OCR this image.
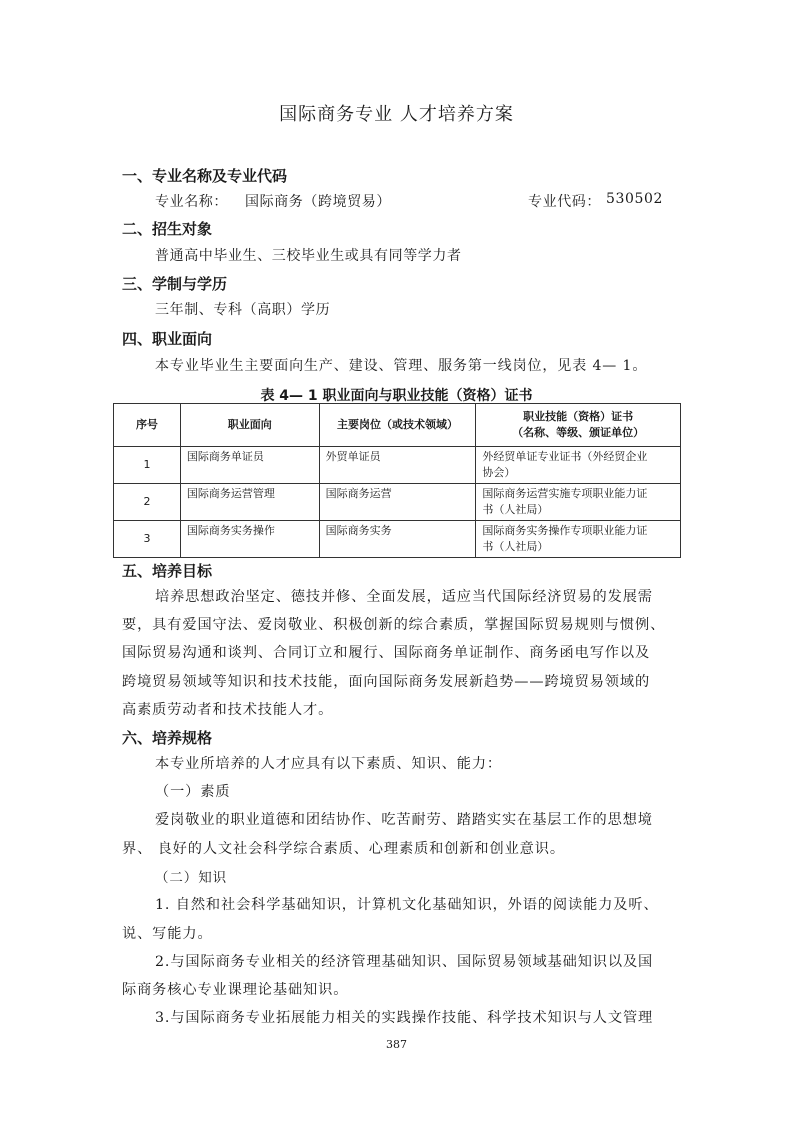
国际商务专业 人才培养方案
一、专业名称及专业代码
专业名称： 国际商务（跨境贸易）	专业代码： 530502
二、招生对象
普通高中毕业生、三校毕业生或具有同等学力者
三、学制与学历
三年制、专科（高职）学历
四、职业面向
本专业毕业生主要面向生产、建设、管理、服务第一线岗位，见表 4— 1。
表 4— 1 职业面向与职业技能（资格）证书
序号	职业面向	主要岗位（或技术领域）	职业技能（资格）证书
（名称、等级、颁证单位）

1	国际商务单证员	外贸单证员	外经贸单证专业证书（外经贸企业
协会）

2	国际商务运营管理	国际商务运营	国际商务运营实施专项职业能力证
书（人社局）

3	国际商务实务操作	国际商务实务	国际商务实务操作专项职业能力证
书（人社局）
五、培养目标
培养思想政治坚定、德技并修、全面发展，适应当代国际经济贸易的发展需
要，具有爱国守法、爱岗敬业、积极创新的综合素质，掌握国际贸易规则与惯例、
国际贸易沟通和谈判、合同订立和履行、国际商务单证制作、商务函电写作以及
跨境贸易领域等知识和技术技能，面向国际商务发展新趋势——跨境贸易领域的
高素质劳动者和技术技能人才。
六、培养规格
本专业所培养的人才应具有以下素质、知识、能力：
（一）素质
爱岗敬业的职业道德和团结协作、吃苦耐劳、踏踏实实在基层工作的思想境
界、 良好的人文社会科学综合素质、心理素质和创新和创业意识。
（二）知识
1. 自然和社会科学基础知识，计算机文化基础知识，外语的阅读能力及听、
说、写能力。
2.与国际商务专业相关的经济管理基础知识、国际贸易领域基础知识以及国
际商务核心专业课理论基础知识。
3.与国际商务专业拓展能力相关的实践操作技能、科学技术知识与人文管理
387
